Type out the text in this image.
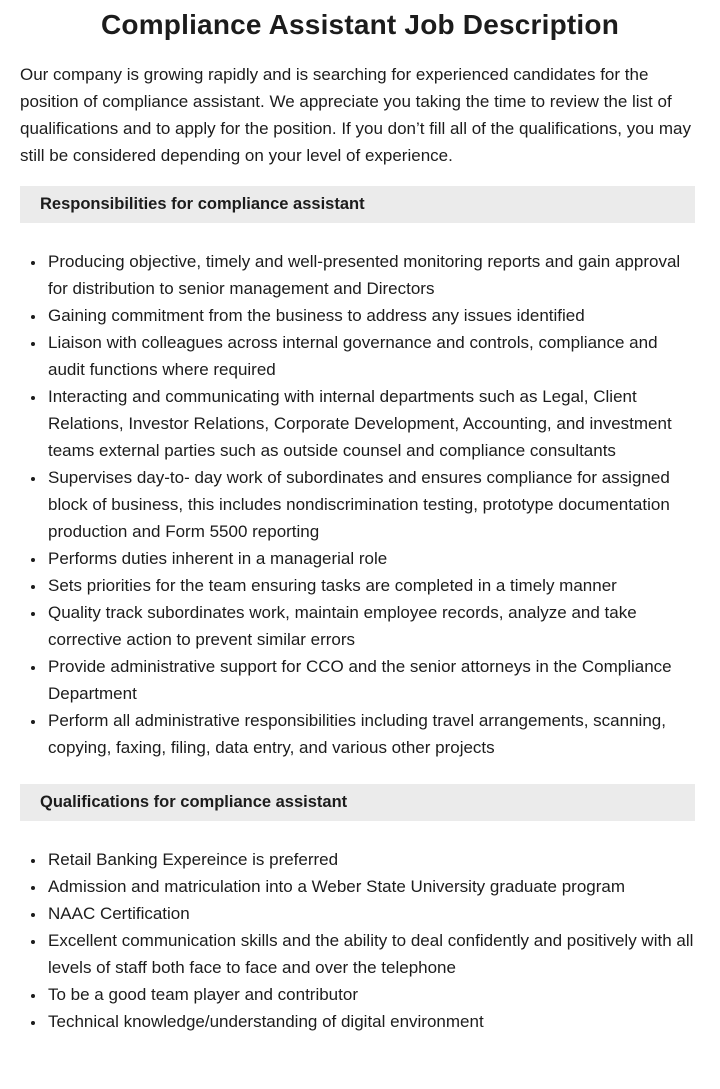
Compliance Assistant Job Description

Our company is growing rapidly and is searching for experienced candidates for the position of compliance assistant. We appreciate you taking the time to review the list of qualifications and to apply for the position. If you don’t fill all of the qualifications, you may still be considered depending on your level of experience.

Responsibilities for compliance assistant
• Producing objective, timely and well-presented monitoring reports and gain approval for distribution to senior management and Directors
• Gaining commitment from the business to address any issues identified
• Liaison with colleagues across internal governance and controls, compliance and audit functions where required
• Interacting and communicating with internal departments such as Legal, Client Relations, Investor Relations, Corporate Development, Accounting, and investment teams external parties such as outside counsel and compliance consultants
• Supervises day-to- day work of subordinates and ensures compliance for assigned block of business, this includes nondiscrimination testing, prototype documentation production and Form 5500 reporting
• Performs duties inherent in a managerial role
• Sets priorities for the team ensuring tasks are completed in a timely manner
• Quality track subordinates work, maintain employee records, analyze and take corrective action to prevent similar errors
• Provide administrative support for CCO and the senior attorneys in the Compliance Department
• Perform all administrative responsibilities including travel arrangements, scanning, copying, faxing, filing, data entry, and various other projects
Qualifications for compliance assistant
• Retail Banking Expereince is preferred
• Admission and matriculation into a Weber State University graduate program
• NAAC Certification
• Excellent communication skills and the ability to deal confidently and positively with all levels of staff both face to face and over the telephone
• To be a good team player and contributor
• Technical knowledge/understanding of digital environment
